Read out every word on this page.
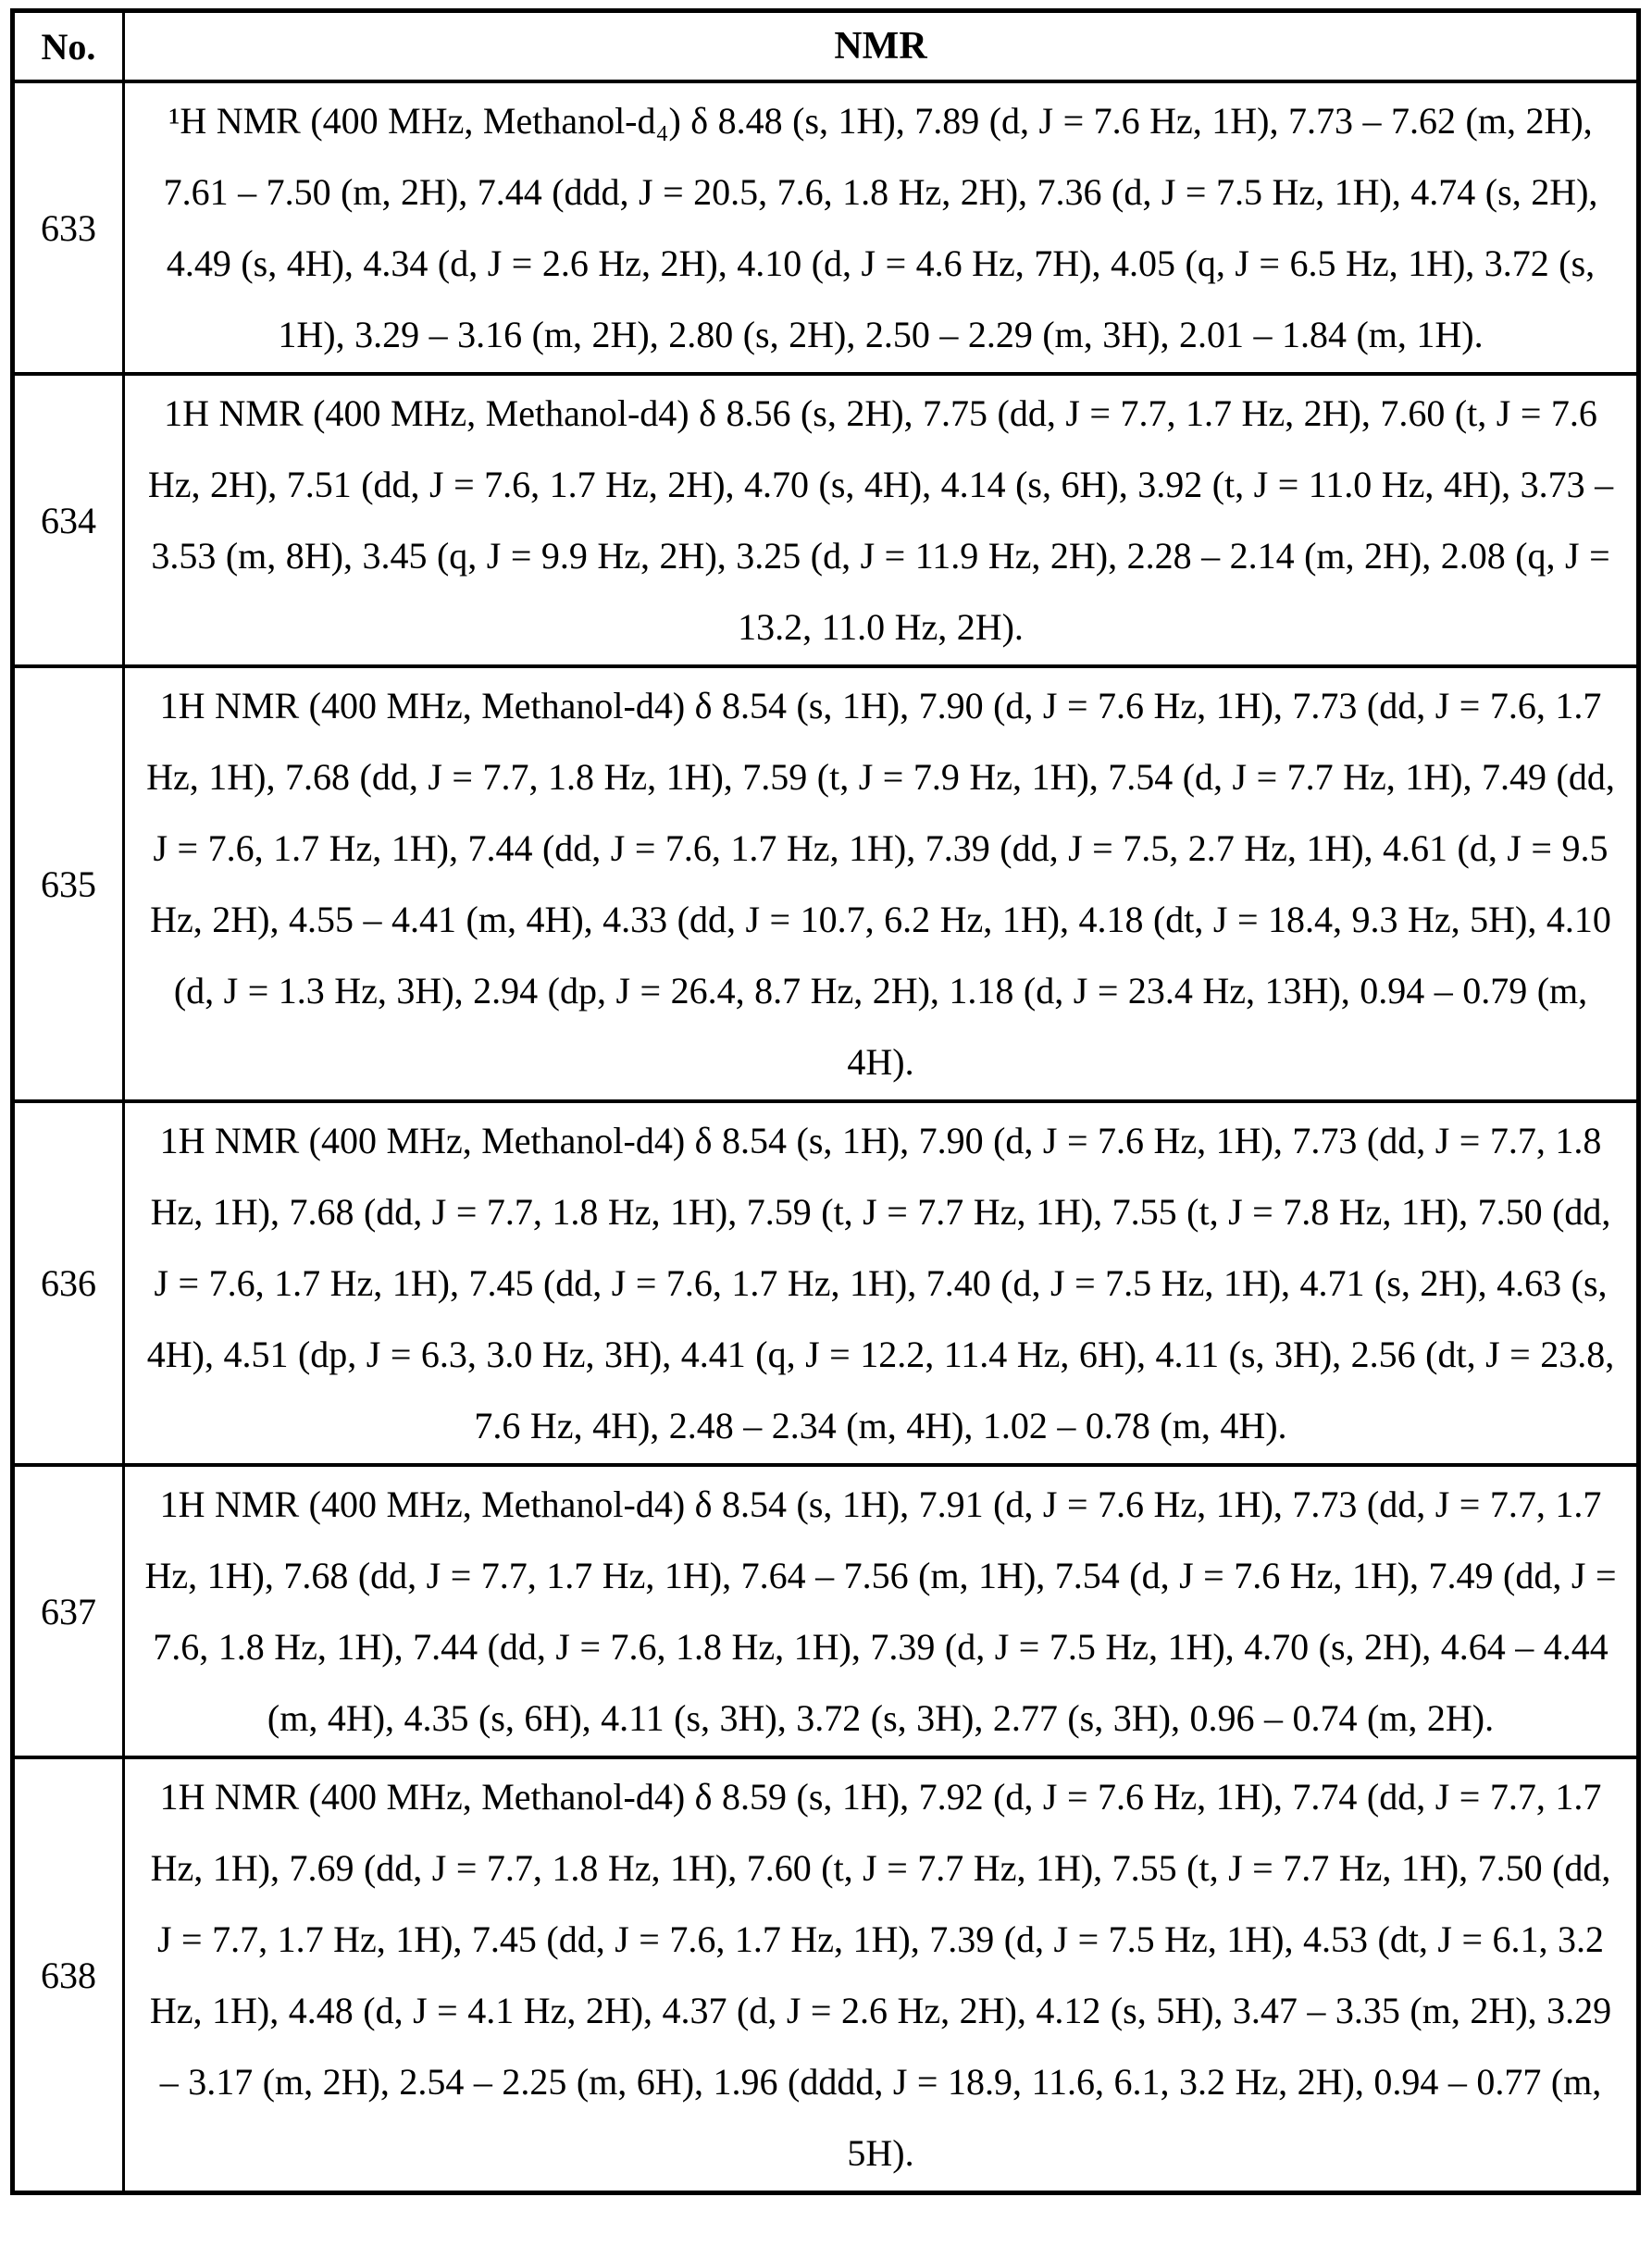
No.	NMR
633	¹H NMR (400 MHz, Methanol-d₄) δ 8.48 (s, 1H), 7.89 (d, J = 7.6 Hz, 1H), 7.73 – 7.62 (m, 2H), 7.61 – 7.50 (m, 2H), 7.44 (ddd, J = 20.5, 7.6, 1.8 Hz, 2H), 7.36 (d, J = 7.5 Hz, 1H), 4.74 (s, 2H), 4.49 (s, 4H), 4.34 (d, J = 2.6 Hz, 2H), 4.10 (d, J = 4.6 Hz, 7H), 4.05 (q, J = 6.5 Hz, 1H), 3.72 (s, 1H), 3.29 – 3.16 (m, 2H), 2.80 (s, 2H), 2.50 – 2.29 (m, 3H), 2.01 – 1.84 (m, 1H).
634	1H NMR (400 MHz, Methanol-d4) δ 8.56 (s, 2H), 7.75 (dd, J = 7.7, 1.7 Hz, 2H), 7.60 (t, J = 7.6 Hz, 2H), 7.51 (dd, J = 7.6, 1.7 Hz, 2H), 4.70 (s, 4H), 4.14 (s, 6H), 3.92 (t, J = 11.0 Hz, 4H), 3.73 – 3.53 (m, 8H), 3.45 (q, J = 9.9 Hz, 2H), 3.25 (d, J = 11.9 Hz, 2H), 2.28 – 2.14 (m, 2H), 2.08 (q, J = 13.2, 11.0 Hz, 2H).
635	1H NMR (400 MHz, Methanol-d4) δ 8.54 (s, 1H), 7.90 (d, J = 7.6 Hz, 1H), 7.73 (dd, J = 7.6, 1.7 Hz, 1H), 7.68 (dd, J = 7.7, 1.8 Hz, 1H), 7.59 (t, J = 7.9 Hz, 1H), 7.54 (d, J = 7.7 Hz, 1H), 7.49 (dd, J = 7.6, 1.7 Hz, 1H), 7.44 (dd, J = 7.6, 1.7 Hz, 1H), 7.39 (dd, J = 7.5, 2.7 Hz, 1H), 4.61 (d, J = 9.5 Hz, 2H), 4.55 – 4.41 (m, 4H), 4.33 (dd, J = 10.7, 6.2 Hz, 1H), 4.18 (dt, J = 18.4, 9.3 Hz, 5H), 4.10 (d, J = 1.3 Hz, 3H), 2.94 (dp, J = 26.4, 8.7 Hz, 2H), 1.18 (d, J = 23.4 Hz, 13H), 0.94 – 0.79 (m, 4H).
636	1H NMR (400 MHz, Methanol-d4) δ 8.54 (s, 1H), 7.90 (d, J = 7.6 Hz, 1H), 7.73 (dd, J = 7.7, 1.8 Hz, 1H), 7.68 (dd, J = 7.7, 1.8 Hz, 1H), 7.59 (t, J = 7.7 Hz, 1H), 7.55 (t, J = 7.8 Hz, 1H), 7.50 (dd, J = 7.6, 1.7 Hz, 1H), 7.45 (dd, J = 7.6, 1.7 Hz, 1H), 7.40 (d, J = 7.5 Hz, 1H), 4.71 (s, 2H), 4.63 (s, 4H), 4.51 (dp, J = 6.3, 3.0 Hz, 3H), 4.41 (q, J = 12.2, 11.4 Hz, 6H), 4.11 (s, 3H), 2.56 (dt, J = 23.8, 7.6 Hz, 4H), 2.48 – 2.34 (m, 4H), 1.02 – 0.78 (m, 4H).
637	1H NMR (400 MHz, Methanol-d4) δ 8.54 (s, 1H), 7.91 (d, J = 7.6 Hz, 1H), 7.73 (dd, J = 7.7, 1.7 Hz, 1H), 7.68 (dd, J = 7.7, 1.7 Hz, 1H), 7.64 – 7.56 (m, 1H), 7.54 (d, J = 7.6 Hz, 1H), 7.49 (dd, J = 7.6, 1.8 Hz, 1H), 7.44 (dd, J = 7.6, 1.8 Hz, 1H), 7.39 (d, J = 7.5 Hz, 1H), 4.70 (s, 2H), 4.64 – 4.44 (m, 4H), 4.35 (s, 6H), 4.11 (s, 3H), 3.72 (s, 3H), 2.77 (s, 3H), 0.96 – 0.74 (m, 2H).
638	1H NMR (400 MHz, Methanol-d4) δ 8.59 (s, 1H), 7.92 (d, J = 7.6 Hz, 1H), 7.74 (dd, J = 7.7, 1.7 Hz, 1H), 7.69 (dd, J = 7.7, 1.8 Hz, 1H), 7.60 (t, J = 7.7 Hz, 1H), 7.55 (t, J = 7.7 Hz, 1H), 7.50 (dd, J = 7.7, 1.7 Hz, 1H), 7.45 (dd, J = 7.6, 1.7 Hz, 1H), 7.39 (d, J = 7.5 Hz, 1H), 4.53 (dt, J = 6.1, 3.2 Hz, 1H), 4.48 (d, J = 4.1 Hz, 2H), 4.37 (d, J = 2.6 Hz, 2H), 4.12 (s, 5H), 3.47 – 3.35 (m, 2H), 3.29 – 3.17 (m, 2H), 2.54 – 2.25 (m, 6H), 1.96 (dddd, J = 18.9, 11.6, 6.1, 3.2 Hz, 2H), 0.94 – 0.77 (m, 5H).
